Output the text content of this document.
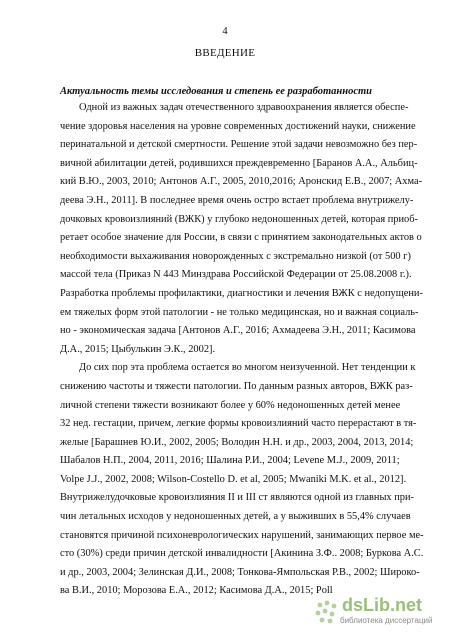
4
ВВЕДЕНИЕ
Актуальность темы исследования и степень ее разработанности
Одной из важных задач отечественного здравоохранения является обеспе-
чение здоровья населения на уровне современных достижений науки, снижение
перинатальной и детской смертности. Решение этой задачи невозможно без пер-
вичной абилитации детей, родившихся преждевременно [Баранов А.А., Альбиц-
кий В.Ю., 2003, 2010; Антонов А.Г., 2005, 2010,2016; Аронскид Е.В., 2007; Ахма-
деева Э.Н., 2011]. В последнее время очень остро встает проблема внутрижелу-
дочковых кровоизлияний (ВЖК) у глубоко недоношенных детей, которая приоб-
ретает особое значение для России, в связи с принятием законодательных актов о
необходимости выхаживания новорожденных с экстремально низкой (от 500 г)
массой тела (Приказ N 443 Минздрава Российской Федерации от 25.08.2008 г.).
Разработка проблемы профилактики, диагностики и лечения ВЖК с недопущени-
ем тяжелых форм этой патологии - не только медицинская, но и важная социаль-
но - экономическая задача [Антонов А.Г., 2016; Ахмадеева Э.Н., 2011; Касимова
Д.А., 2015; Цыбулькин Э.К., 2002].
До сих пор эта проблема остается во многом неизученной. Нет тенденции к
снижению частоты и тяжести патологии. По данным разных авторов, ВЖК раз-
личной степени тяжести возникают более у 60% недоношенных детей менее
32 нед. гестации, причем, легкие формы кровоизлияний часто перерастают в тя-
желые [Барашнев Ю.И., 2002, 2005; Володин Н.Н. и др., 2003, 2004, 2013, 2014;
Шабалов Н.П., 2004, 2011, 2016; Шалина Р.И., 2004; Levene M.J., 2009, 2011;
Volpe J.J., 2002, 2008; Wilson-Costello D. et al, 2005; Mwaniki M.K. et al., 2012].
Внутрижелудочковые кровоизлияния II и III ст являются одной из главных при-
чин летальных исходов у недоношенных детей, а у выживших в 55,4% случаев
становятся причиной психоневрологических нарушений, занимающих первое ме-
сто (30%) среди причин детской инвалидности [Акинина З.Ф.. 2008; Буркова А.С.
и др., 2003, 2004; Зелинская Д.И., 2008; Тонкова-Ямпольская Р.В., 2002; Широко-
ва В.И., 2010; Морозова Е.А., 2012; Касимова Д.А., 2015; Poll
dsLib.net
библиотека диссертаций
